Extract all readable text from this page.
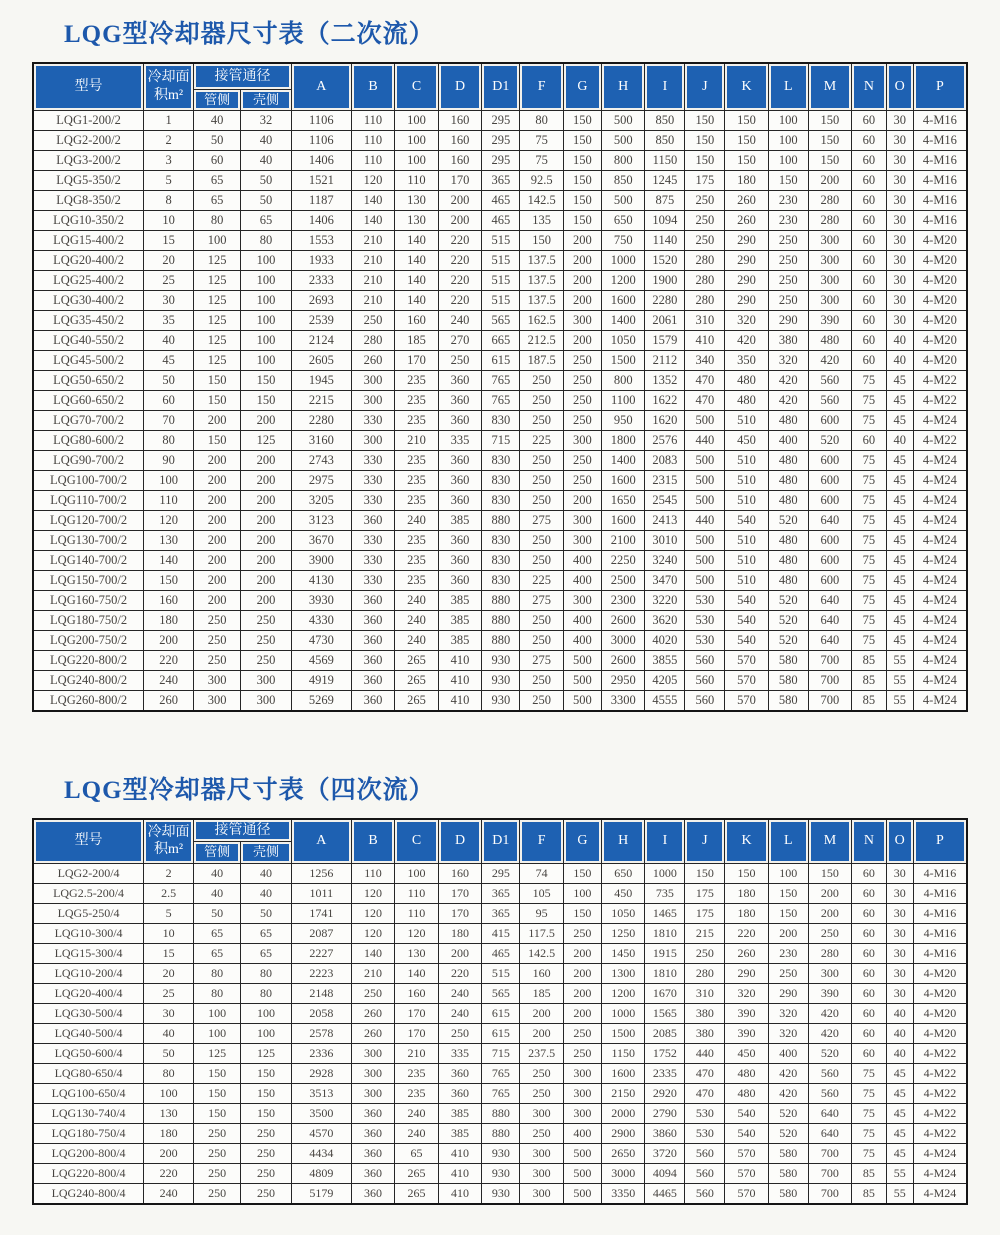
LQG型冷却器尺寸表（二次流）
型号	冷却面积m²	接管通径		A	B	C	D	D1	F	G	H	I	J	K	L	M	N	O	P
		管侧	壳侧																
LQG1-200/2	1	40	32	1106	110	100	160	295	80	150	500	850	150	150	100	150	60	30	4-M16
LQG2-200/2	2	50	40	1106	110	100	160	295	75	150	500	850	150	150	100	150	60	30	4-M16
LQG3-200/2	3	60	40	1406	110	100	160	295	75	150	800	1150	150	150	100	150	60	30	4-M16
LQG5-350/2	5	65	50	1521	120	110	170	365	92.5	150	850	1245	175	180	150	200	60	30	4-M16
LQG8-350/2	8	65	50	1187	140	130	200	465	142.5	150	500	875	250	260	230	280	60	30	4-M16
LQG10-350/2	10	80	65	1406	140	130	200	465	135	150	650	1094	250	260	230	280	60	30	4-M16
LQG15-400/2	15	100	80	1553	210	140	220	515	150	200	750	1140	250	290	250	300	60	30	4-M20
LQG20-400/2	20	125	100	1933	210	140	220	515	137.5	200	1000	1520	280	290	250	300	60	30	4-M20
LQG25-400/2	25	125	100	2333	210	140	220	515	137.5	200	1200	1900	280	290	250	300	60	30	4-M20
LQG30-400/2	30	125	100	2693	210	140	220	515	137.5	200	1600	2280	280	290	250	300	60	30	4-M20
LQG35-450/2	35	125	100	2539	250	160	240	565	162.5	300	1400	2061	310	320	290	390	60	30	4-M20
LQG40-550/2	40	125	100	2124	280	185	270	665	212.5	200	1050	1579	410	420	380	480	60	40	4-M20
LQG45-500/2	45	125	100	2605	260	170	250	615	187.5	250	1500	2112	340	350	320	420	60	40	4-M20
LQG50-650/2	50	150	150	1945	300	235	360	765	250	250	800	1352	470	480	420	560	75	45	4-M22
LQG60-650/2	60	150	150	2215	300	235	360	765	250	250	1100	1622	470	480	420	560	75	45	4-M22
LQG70-700/2	70	200	200	2280	330	235	360	830	250	250	950	1620	500	510	480	600	75	45	4-M24
LQG80-600/2	80	150	125	3160	300	210	335	715	225	300	1800	2576	440	450	400	520	60	40	4-M22
LQG90-700/2	90	200	200	2743	330	235	360	830	250	250	1400	2083	500	510	480	600	75	45	4-M24
LQG100-700/2	100	200	200	2975	330	235	360	830	250	250	1600	2315	500	510	480	600	75	45	4-M24
LQG110-700/2	110	200	200	3205	330	235	360	830	250	200	1650	2545	500	510	480	600	75	45	4-M24
LQG120-700/2	120	200	200	3123	360	240	385	880	275	300	1600	2413	440	540	520	640	75	45	4-M24
LQG130-700/2	130	200	200	3670	330	235	360	830	250	300	2100	3010	500	510	480	600	75	45	4-M24
LQG140-700/2	140	200	200	3900	330	235	360	830	250	400	2250	3240	500	510	480	600	75	45	4-M24
LQG150-700/2	150	200	200	4130	330	235	360	830	225	400	2500	3470	500	510	480	600	75	45	4-M24
LQG160-750/2	160	200	200	3930	360	240	385	880	275	300	2300	3220	530	540	520	640	75	45	4-M24
LQG180-750/2	180	250	250	4330	360	240	385	880	250	400	2600	3620	530	540	520	640	75	45	4-M24
LQG200-750/2	200	250	250	4730	360	240	385	880	250	400	3000	4020	530	540	520	640	75	45	4-M24
LQG220-800/2	220	250	250	4569	360	265	410	930	275	500	2600	3855	560	570	580	700	85	55	4-M24
LQG240-800/2	240	300	300	4919	360	265	410	930	250	500	2950	4205	560	570	580	700	85	55	4-M24
LQG260-800/2	260	300	300	5269	360	265	410	930	250	500	3300	4555	560	570	580	700	85	55	4-M24
LQG型冷却器尺寸表（四次流）
型号	冷却面积m²	接管通径		A	B	C	D	D1	F	G	H	I	J	K	L	M	N	O	P
		管侧	壳侧																
LQG2-200/4	2	40	40	1256	110	100	160	295	74	150	650	1000	150	150	100	150	60	30	4-M16
LQG2.5-200/4	2.5	40	40	1011	120	110	170	365	105	100	450	735	175	180	150	200	60	30	4-M16
LQG5-250/4	5	50	50	1741	120	110	170	365	95	150	1050	1465	175	180	150	200	60	30	4-M16
LQG10-300/4	10	65	65	2087	120	120	180	415	117.5	250	1250	1810	215	220	200	250	60	30	4-M16
LQG15-300/4	15	65	65	2227	140	130	200	465	142.5	200	1450	1915	250	260	230	280	60	30	4-M16
LQG10-200/4	20	80	80	2223	210	140	220	515	160	200	1300	1810	280	290	250	300	60	30	4-M20
LQG20-400/4	25	80	80	2148	250	160	240	565	185	200	1200	1670	310	320	290	390	60	30	4-M20
LQG30-500/4	30	100	100	2058	260	170	240	615	200	200	1000	1565	380	390	320	420	60	40	4-M20
LQG40-500/4	40	100	100	2578	260	170	250	615	200	250	1500	2085	380	390	320	420	60	40	4-M20
LQG50-600/4	50	125	125	2336	300	210	335	715	237.5	250	1150	1752	440	450	400	520	60	40	4-M22
LQG80-650/4	80	150	150	2928	300	235	360	765	250	300	1600	2335	470	480	420	560	75	45	4-M22
LQG100-650/4	100	150	150	3513	300	235	360	765	250	300	2150	2920	470	480	420	560	75	45	4-M22
LQG130-740/4	130	150	150	3500	360	240	385	880	300	300	2000	2790	530	540	520	640	75	45	4-M22
LQG180-750/4	180	250	250	4570	360	240	385	880	250	400	2900	3860	530	540	520	640	75	45	4-M22
LQG200-800/4	200	250	250	4434	360	65	410	930	300	500	2650	3720	560	570	580	700	75	45	4-M24
LQG220-800/4	220	250	250	4809	360	265	410	930	300	500	3000	4094	560	570	580	700	85	55	4-M24
LQG240-800/4	240	250	250	5179	360	265	410	930	300	500	3350	4465	560	570	580	700	85	55	4-M24
